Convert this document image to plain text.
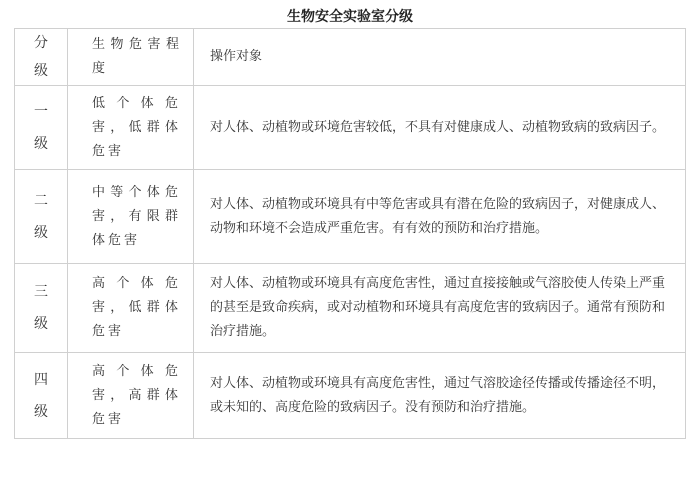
生物安全实验室分级
分级	生物危害程度	操作对象

一级	低个体危害，低群体危害	对人体、动植物或环境危害较低，不具有对健康成人、动植物致病的致病因子。

二级	中等个体危害，有限群体危害	对人体、动植物或环境具有中等危害或具有潜在危险的致病因子，对健康成人、动物和环境不会造成严重危害。有有效的预防和治疗措施。

三级	高个体危害，低群体危害	对人体、动植物或环境具有高度危害性，通过直接接触或气溶胶使人传染上严重的甚至是致命疾病，或对动植物和环境具有高度危害的致病因子。通常有预防和治疗措施。

四级	高个体危害，高群体危害	对人体、动植物或环境具有高度危害性，通过气溶胶途径传播或传播途径不明，或未知的、高度危险的致病因子。没有预防和治疗措施。
